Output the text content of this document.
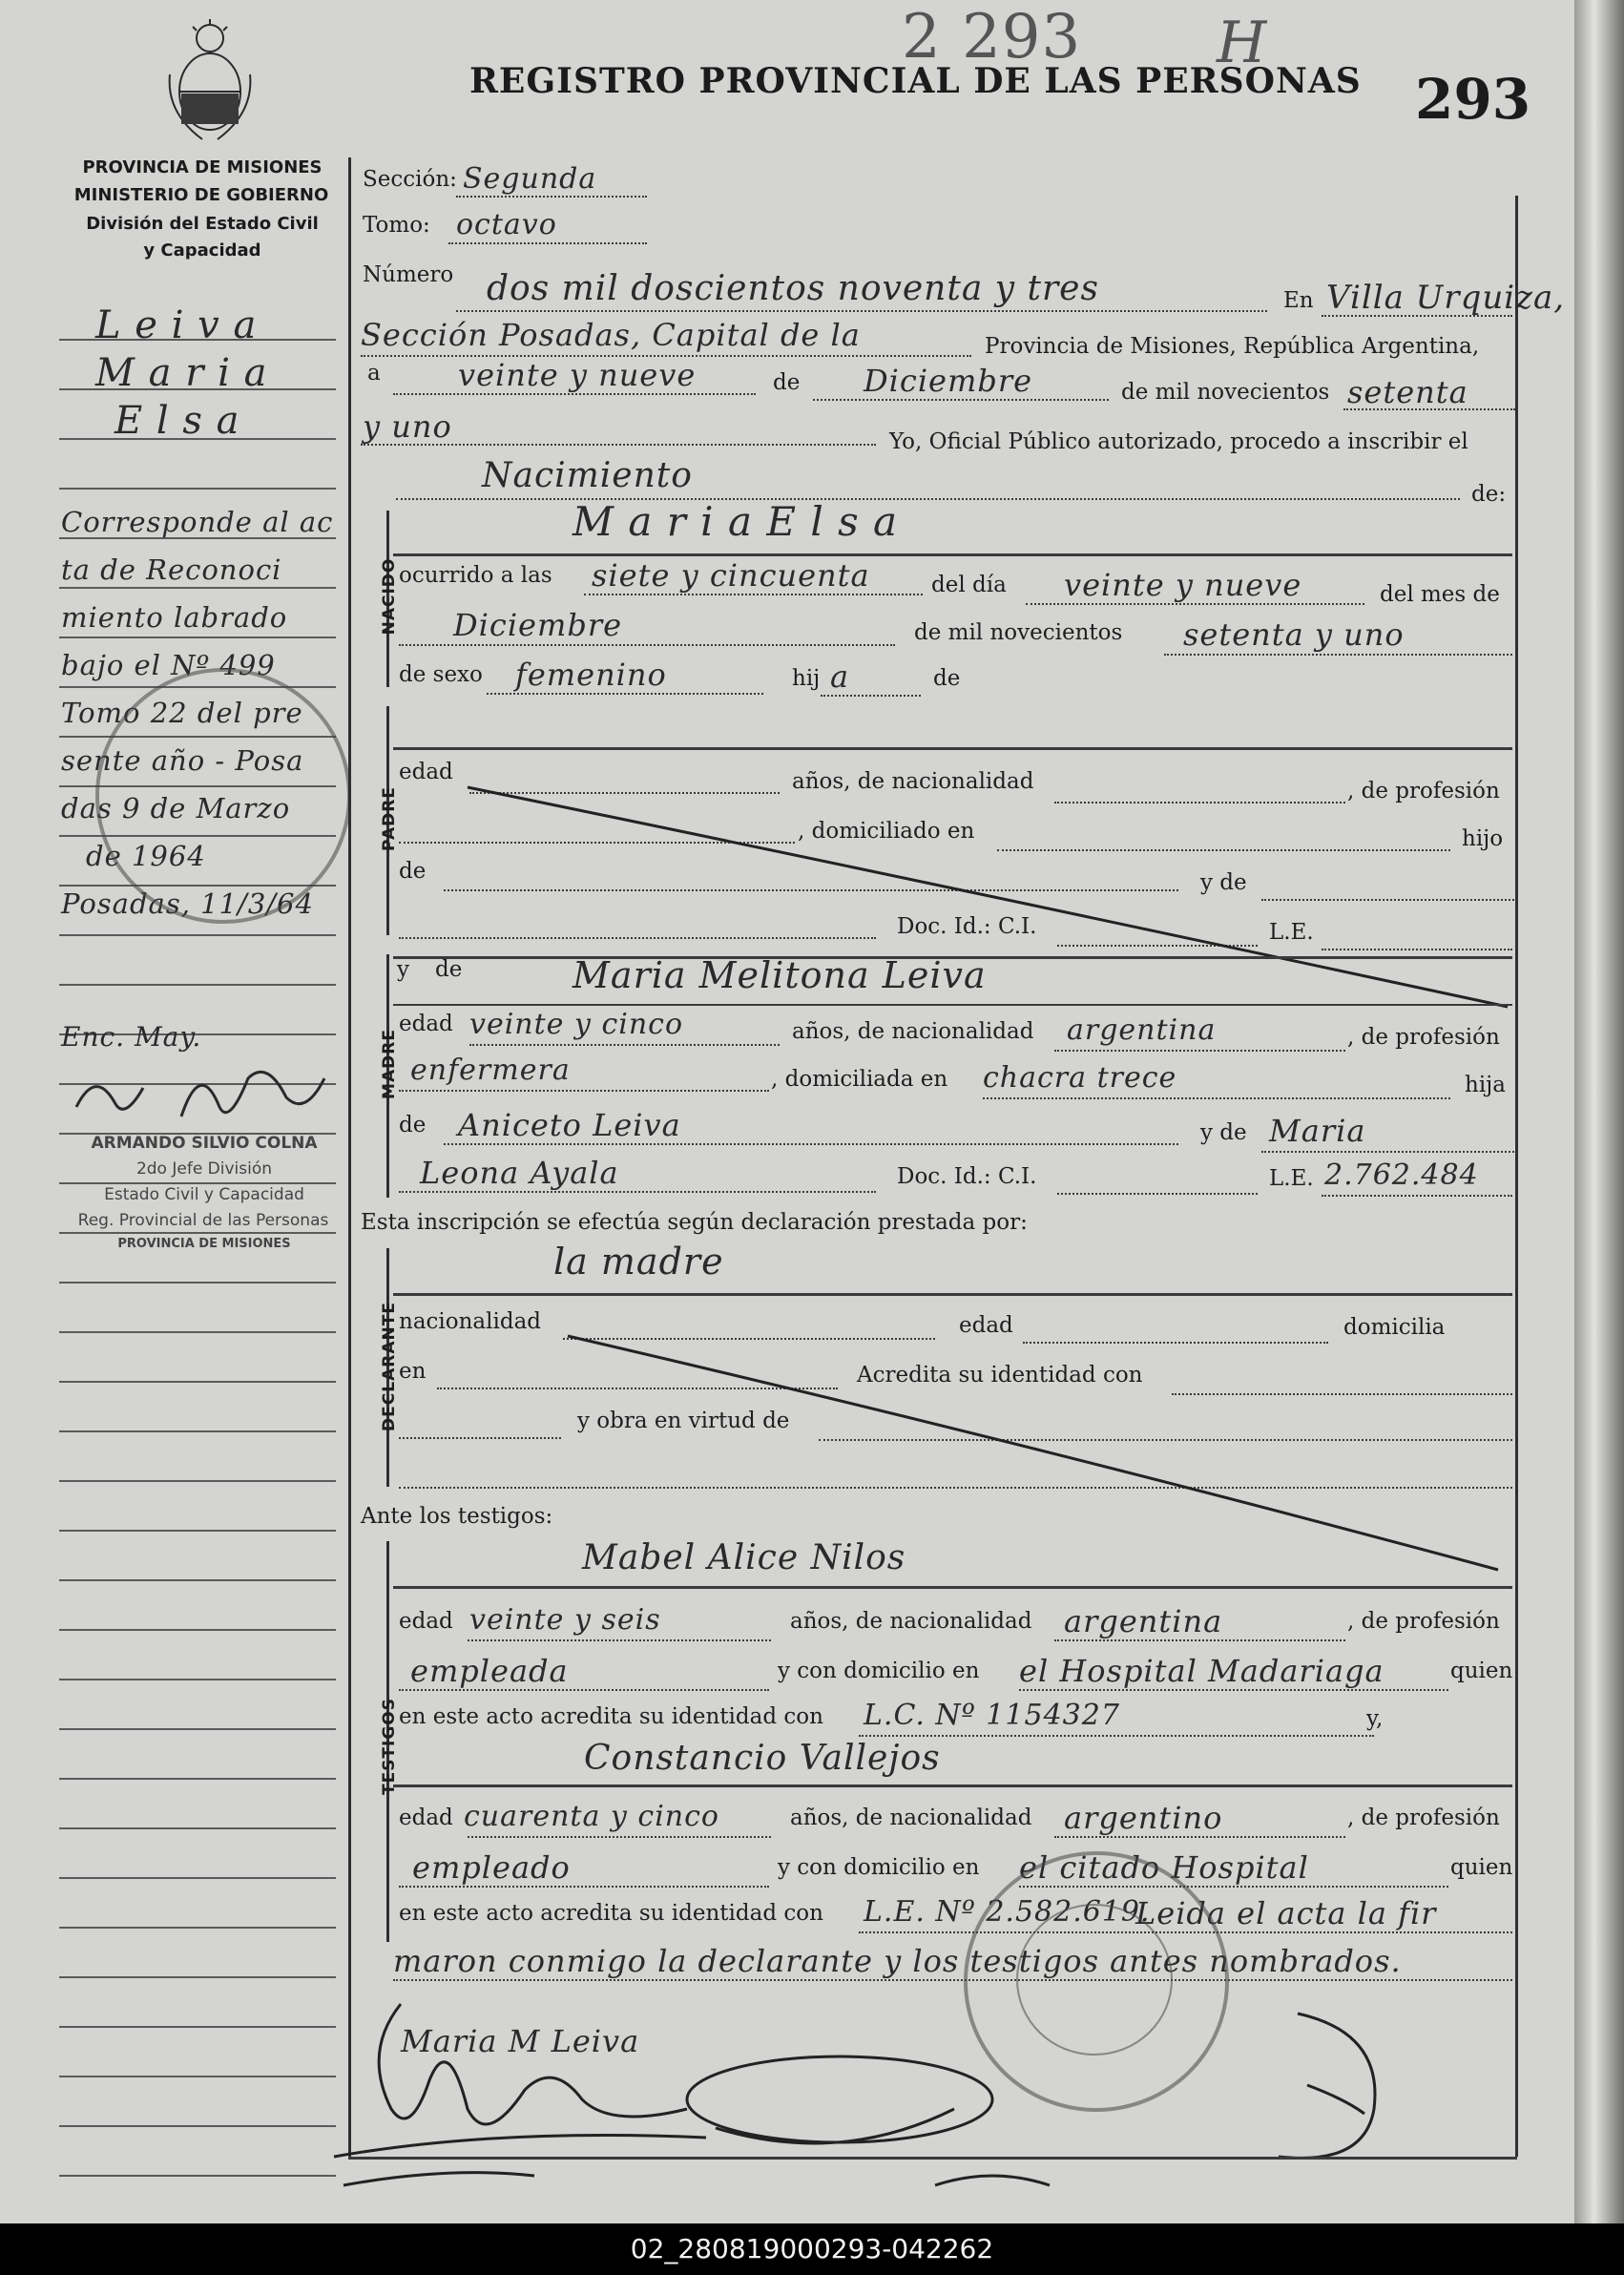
2 293 H
REGISTRO PROVINCIAL DE LAS PERSONAS 293
PROVINCIA DE MISIONES
MINISTERIO DE GOBIERNO
División del Estado Civil
y Capacidad
L e i v a
M a r i a
E l s a
Corresponde al ac
ta de Reconoci
miento labrado
bajo el Nº 499
Tomo 22 del pre
sente año - Posa
das 9 de Marzo
de 1964
Posadas, 11/3/64
Enc. May.
ARMANDO SILVIO COLNA
2do Jefe División
Estado Civil y Capacidad
Reg. Provincial de las Personas
PROVINCIA DE MISIONES
Sección: Segunda
Tomo: octavo
Número dos mil doscientos noventa y tres	En Villa Urquiza,
Sección Posadas, Capital de la	Provincia de Misiones, República Argentina,
a	veinte y nueve	de Diciembre	de mil novecientos setenta
y uno	Yo, Oficial Público autorizado, procedo a inscribir el
Nacimiento	de:
NACIDO
M a r i a E l s a
ocurrido a las siete y cincuenta	del día veinte y nueve	del mes de
Diciembre	de mil novecientos setenta y uno
de sexo femenino	hij a	de
PADRE
edad	años, de nacionalidad	, de profesión
, domiciliado en	hijo
de	y de
Doc. Id.: C.I.	L.E.
MADRE
y de	Maria Melitona Leiva
edad veinte y cinco	años, de nacionalidad argentina	, de profesión
enfermera	, domiciliada en chacra trece	hija
de Aniceto Leiva	y de Maria
Leona Ayala	Doc. Id.: C.I.	L.E. 2.762.484
Esta inscripción se efectúa según declaración prestada por:
la madre
DECLARANTE nacionalidad	edad	domicilia
en	Acredita su identidad con
y obra en virtud de
Ante los testigos:
TESTIGOS
Mabel Alice Nilos
edad veinte y seis	años, de nacionalidad argentina	, de profesión
empleada	y con domicilio en el Hospital Madariaga	quien
en este acto acredita su identidad con L.C. Nº 1154327	y,
Constancio Vallejos
edad cuarenta y cinco	años, de nacionalidad argentino	, de profesión
empleado	y con domicilio en el citado Hospital	quien
en este acto acredita su identidad con L.E. Nº 2.582.619.
Leida el acta la fir
maron conmigo la declarante y los testigos antes nombrados.
Maria M Leiva
02_280819000293-042262
